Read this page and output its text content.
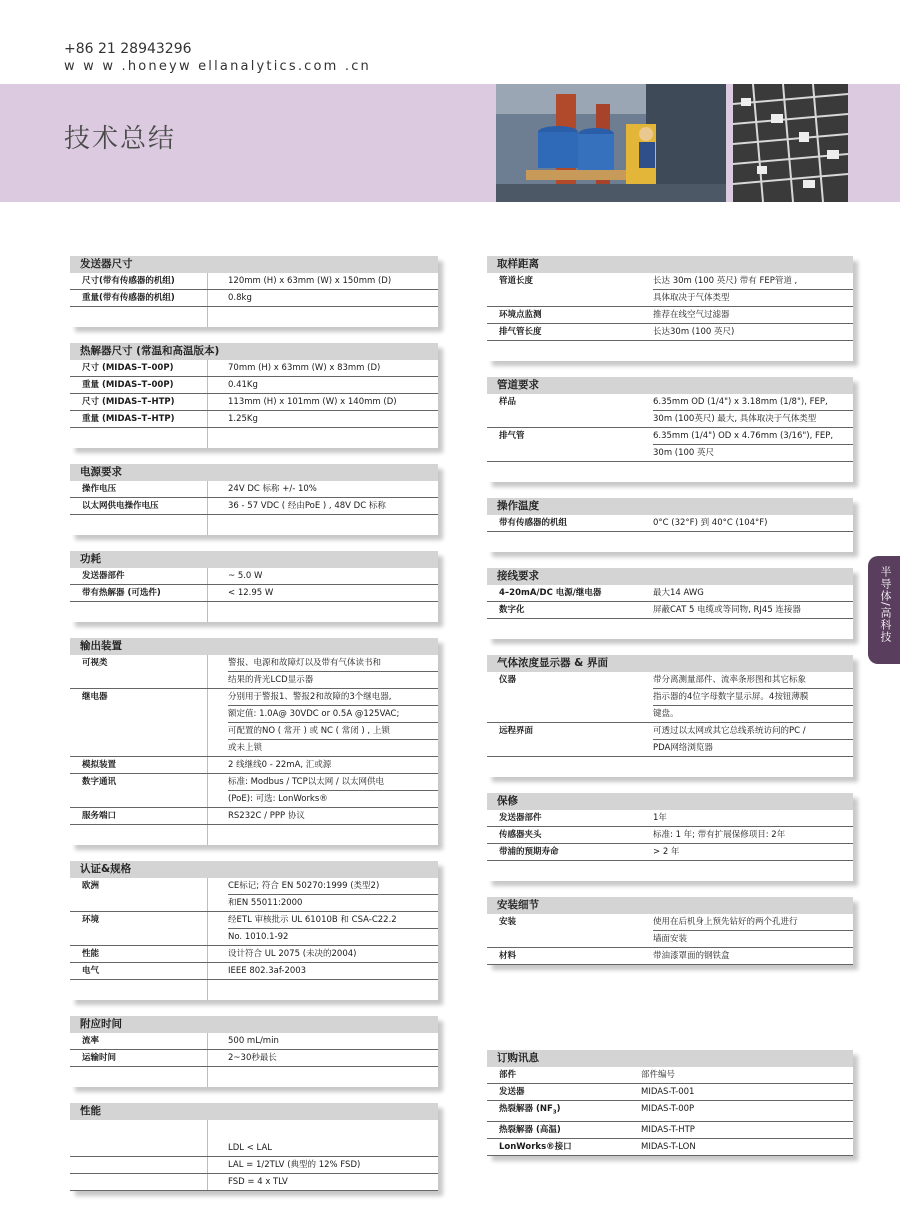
+86 21 28943296
w w w .honeyw ellanalytics.com .cn
技术总结
半导体/高科技
发送器尺寸
尺寸(带有传感器的机组)	120mm (H) x 63mm (W) x 150mm (D)
重量(带有传感器的机组)	0.8kg
热解器尺寸 (常温和高温版本)
尺寸 (MIDAS–T–00P)	70mm (H) x 63mm (W) x 83mm (D)
重量 (MIDAS–T–00P)	0.41Kg
尺寸 (MIDAS–T–HTP)	113mm (H) x 101mm (W) x 140mm (D)
重量 (MIDAS–T–HTP)	1.25Kg
电源要求
操作电压	24V DC 标称 +/- 10%
以太网供电操作电压	36 - 57 VDC ( 经由PoE ) , 48V DC 标称
功耗
发送器部件	~ 5.0 W
带有热解器 (可选件)	< 12.95 W
输出装置
可视类	警报、电源和故障灯以及带有气体读书和
结果的背光LCD显示器
继电器	分别用于警报1、警报2和故障的3个继电器,
额定值: 1.0A@ 30VDC or 0.5A @125VAC;
可配置的NO ( 常开 ) 或 NC ( 常闭 ) , 上锁
或未上锁
模拟装置	2 线继线0 - 22mA, 汇或源
数字通讯	标准: Modbus / TCP以太网 / 以太网供电
(PoE): 可选: LonWorks®
服务端口	RS232C / PPP 协议
认证&规格
欧洲	CE标记; 符合 EN 50270:1999 (类型2)
和EN 55011:2000
环境	经ETL 审核批示 UL 61010B 和 CSA-C22.2
No. 1010.1-92
性能	设计符合 UL 2075 (未决的2004)
电气	IEEE 802.3af-2003
附应时间
流率	500 mL/min
运输时间	2~30秒最长
性能
LDL < LAL
LAL = 1/2TLV (典型的 12% FSD)
FSD = 4 x TLV
取样距离
管道长度	长达 30m (100 英尺) 带有 FEP管道 ,
具体取决于气体类型
环境点监测	推荐在线空气过滤器
排气管长度	长达30m (100 英尺)
管道要求
样品	6.35mm OD (1/4") x 3.18mm (1/8"), FEP,
30m (100英尺) 最大, 具体取决于气体类型
排气管	6.35mm (1/4") OD x 4.76mm (3/16"), FEP,
30m (100 英尺
操作温度
带有传感器的机组	0°C (32°F) 到 40°C (104°F)
接线要求
4–20mA/DC 电源/继电器	最大14 AWG
数字化	屏蔽CAT 5 电缆或等同物, RJ45 连接器
气体浓度显示器 & 界面
仪器	带分离测量部件、流率条形图和其它标象
指示器的4位字母数字显示屏。4按钮薄膜
键盘。
远程界面	可透过以太网或其它总线系统访问的PC /
PDA网络浏览器
保修
发送器部件	1年
传感器夹头	标准: 1 年; 带有扩展保修项目: 2年
带浦的预期寿命	> 2 年
安装细节
安装	使用在后机身上预先钻好的两个孔进行
墙面安装
材料	带油漆罩面的钢铁盒
订购讯息
部件	部件编号
发送器	MIDAS-T-001
热裂解器 $(NF_3)$	MIDAS-T-00P
热裂解器 (高温)	MIDAS-T-HTP
LonWorks®接口	MIDAS-T-LON
